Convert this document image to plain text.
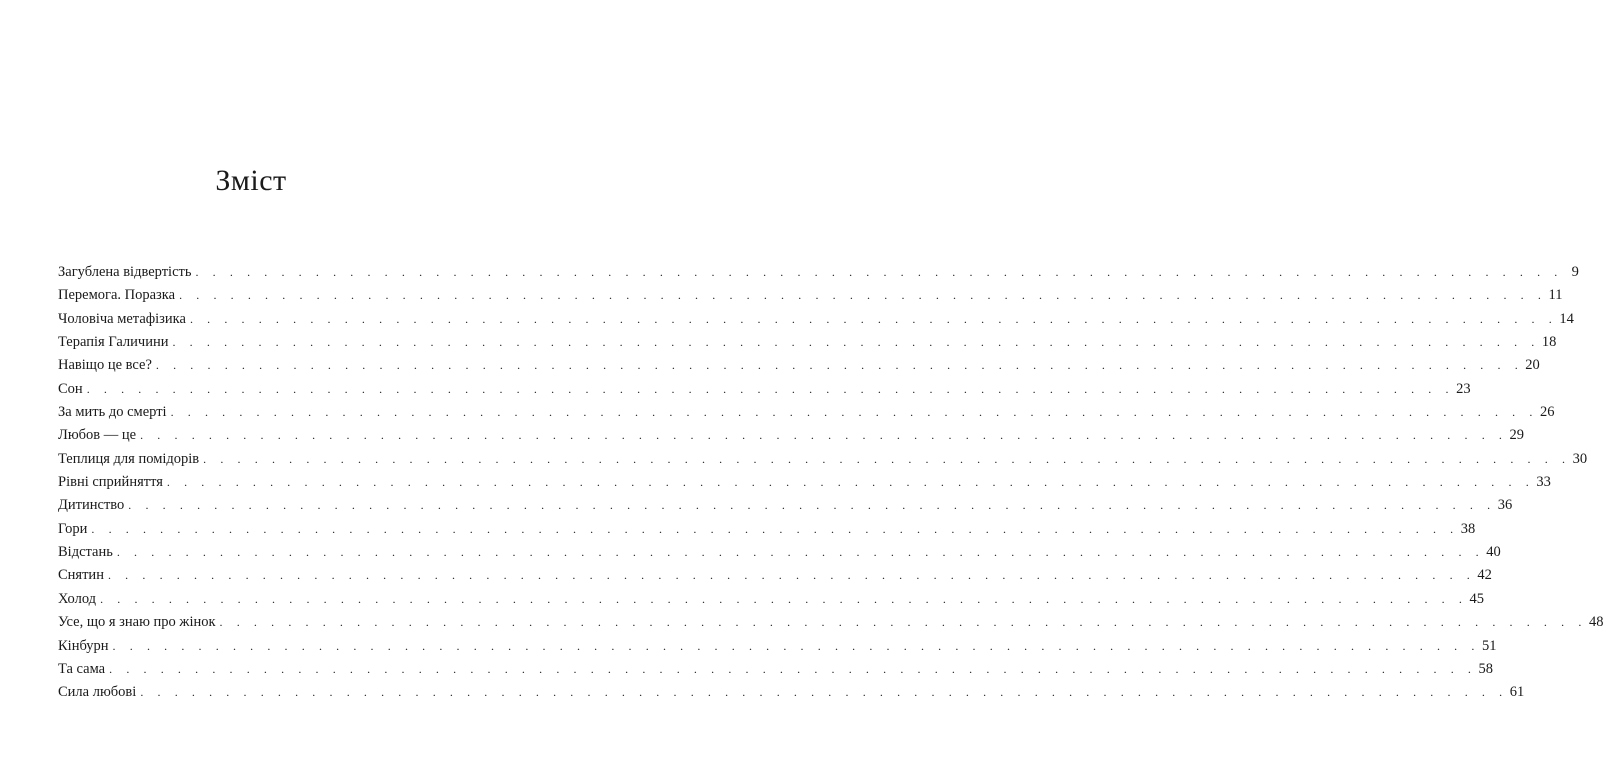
Зміст
Загублена відвертість . . . . . . . . . . . . . . . . . . . . . . . . . . . . . . . . . . . . . . . . . . . . . . . . . . . . . . . . . . . . . . . . . . . . . . . . . . . . . . . . 9
Перемога. Поразка . . . . . . . . . . . . . . . . . . . . . . . . . . . . . . . . . . . . . . . . . . . . . . . . . . . . . . . . . . . . . . . . . . . . . . . . . . . . . . . . 11
Чоловіча метафізика . . . . . . . . . . . . . . . . . . . . . . . . . . . . . . . . . . . . . . . . . . . . . . . . . . . . . . . . . . . . . . . . . . . . . . . . . . . . . . . . 14
Терапія Галичини . . . . . . . . . . . . . . . . . . . . . . . . . . . . . . . . . . . . . . . . . . . . . . . . . . . . . . . . . . . . . . . . . . . . . . . . . . . . . . . . 18
Навіщо це все? . . . . . . . . . . . . . . . . . . . . . . . . . . . . . . . . . . . . . . . . . . . . . . . . . . . . . . . . . . . . . . . . . . . . . . . . . . . . . . . . 20
Сон . . . . . . . . . . . . . . . . . . . . . . . . . . . . . . . . . . . . . . . . . . . . . . . . . . . . . . . . . . . . . . . . . . . . . . . . . . . . . . . . 23
За мить до смерті . . . . . . . . . . . . . . . . . . . . . . . . . . . . . . . . . . . . . . . . . . . . . . . . . . . . . . . . . . . . . . . . . . . . . . . . . . . . . . . . 26
Любов — це . . . . . . . . . . . . . . . . . . . . . . . . . . . . . . . . . . . . . . . . . . . . . . . . . . . . . . . . . . . . . . . . . . . . . . . . . . . . . . . . 29
Теплиця для помідорів . . . . . . . . . . . . . . . . . . . . . . . . . . . . . . . . . . . . . . . . . . . . . . . . . . . . . . . . . . . . . . . . . . . . . . . . . . . . . . . . 30
Рівні сприйняття . . . . . . . . . . . . . . . . . . . . . . . . . . . . . . . . . . . . . . . . . . . . . . . . . . . . . . . . . . . . . . . . . . . . . . . . . . . . . . . . 33
Дитинство . . . . . . . . . . . . . . . . . . . . . . . . . . . . . . . . . . . . . . . . . . . . . . . . . . . . . . . . . . . . . . . . . . . . . . . . . . . . . . . . 36
Гори . . . . . . . . . . . . . . . . . . . . . . . . . . . . . . . . . . . . . . . . . . . . . . . . . . . . . . . . . . . . . . . . . . . . . . . . . . . . . . . . 38
Відстань . . . . . . . . . . . . . . . . . . . . . . . . . . . . . . . . . . . . . . . . . . . . . . . . . . . . . . . . . . . . . . . . . . . . . . . . . . . . . . . . 40
Снятин . . . . . . . . . . . . . . . . . . . . . . . . . . . . . . . . . . . . . . . . . . . . . . . . . . . . . . . . . . . . . . . . . . . . . . . . . . . . . . . . 42
Холод . . . . . . . . . . . . . . . . . . . . . . . . . . . . . . . . . . . . . . . . . . . . . . . . . . . . . . . . . . . . . . . . . . . . . . . . . . . . . . . . 45
Усе, що я знаю про жінок . . . . . . . . . . . . . . . . . . . . . . . . . . . . . . . . . . . . . . . . . . . . . . . . . . . . . . . . . . . . . . . . . . . . . . . . . . . . . . . . 48
Кінбурн . . . . . . . . . . . . . . . . . . . . . . . . . . . . . . . . . . . . . . . . . . . . . . . . . . . . . . . . . . . . . . . . . . . . . . . . . . . . . . . . 51
Та сама . . . . . . . . . . . . . . . . . . . . . . . . . . . . . . . . . . . . . . . . . . . . . . . . . . . . . . . . . . . . . . . . . . . . . . . . . . . . . . . . 58
Сила любові . . . . . . . . . . . . . . . . . . . . . . . . . . . . . . . . . . . . . . . . . . . . . . . . . . . . . . . . . . . . . . . . . . . . . . . . . . . . . . . . 61
